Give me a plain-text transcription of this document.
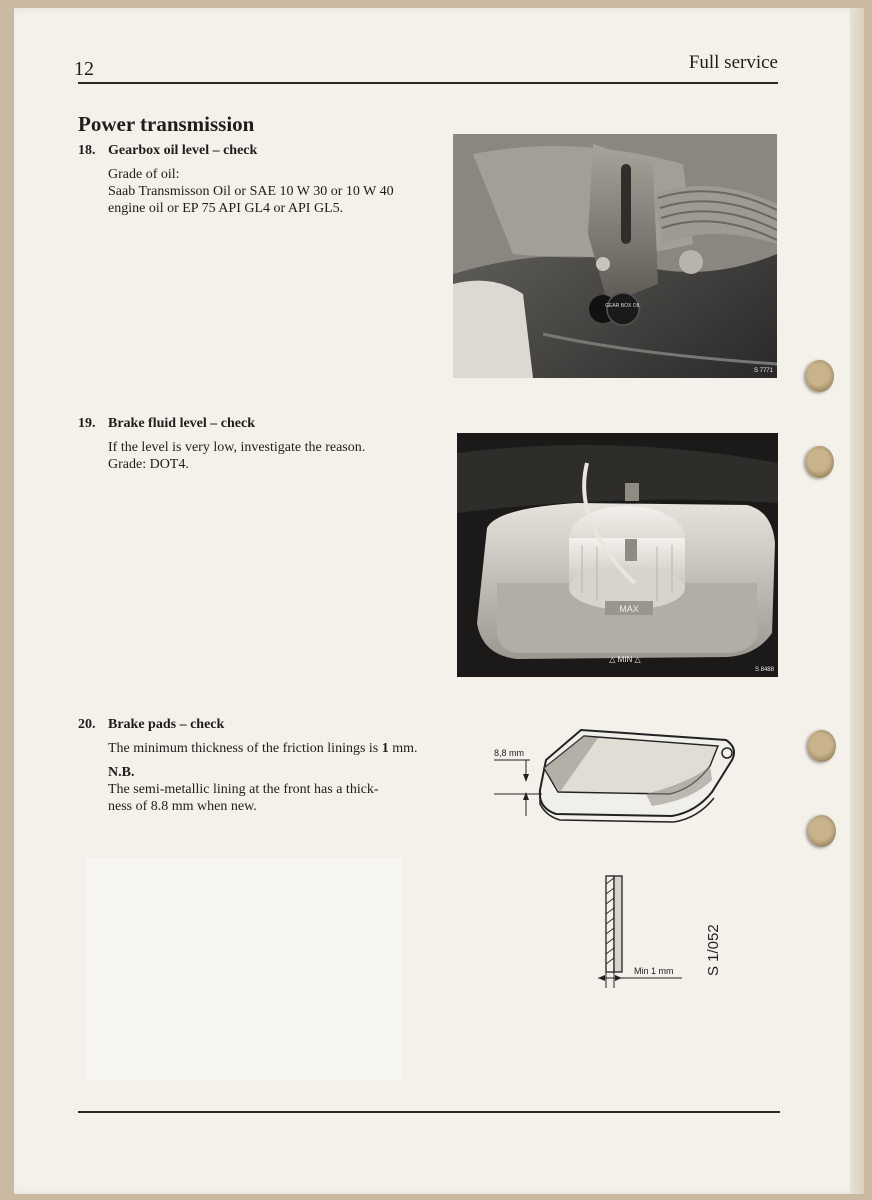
12	Full service
Power transmission
18. Gearbox oil level – check

Grade of oil:

Saab Transmisson Oil or SAE 10 W 30 or 10 W 40

engine oil or EP 75 API GL4 or API GL5.

GEAR BOX OIL
S 7771
19. Brake fluid level – check

If the level is very low, investigate the reason.

Grade: DOT4.

MAX
△ MIN △
S 8488
20. Brake pads – check

The minimum thickness of the friction linings is 1 mm.

N.B.

The semi-metallic lining at the front has a thick-

ness of 8.8 mm when new.

8,8 mm
Min 1 mm S 1/052
